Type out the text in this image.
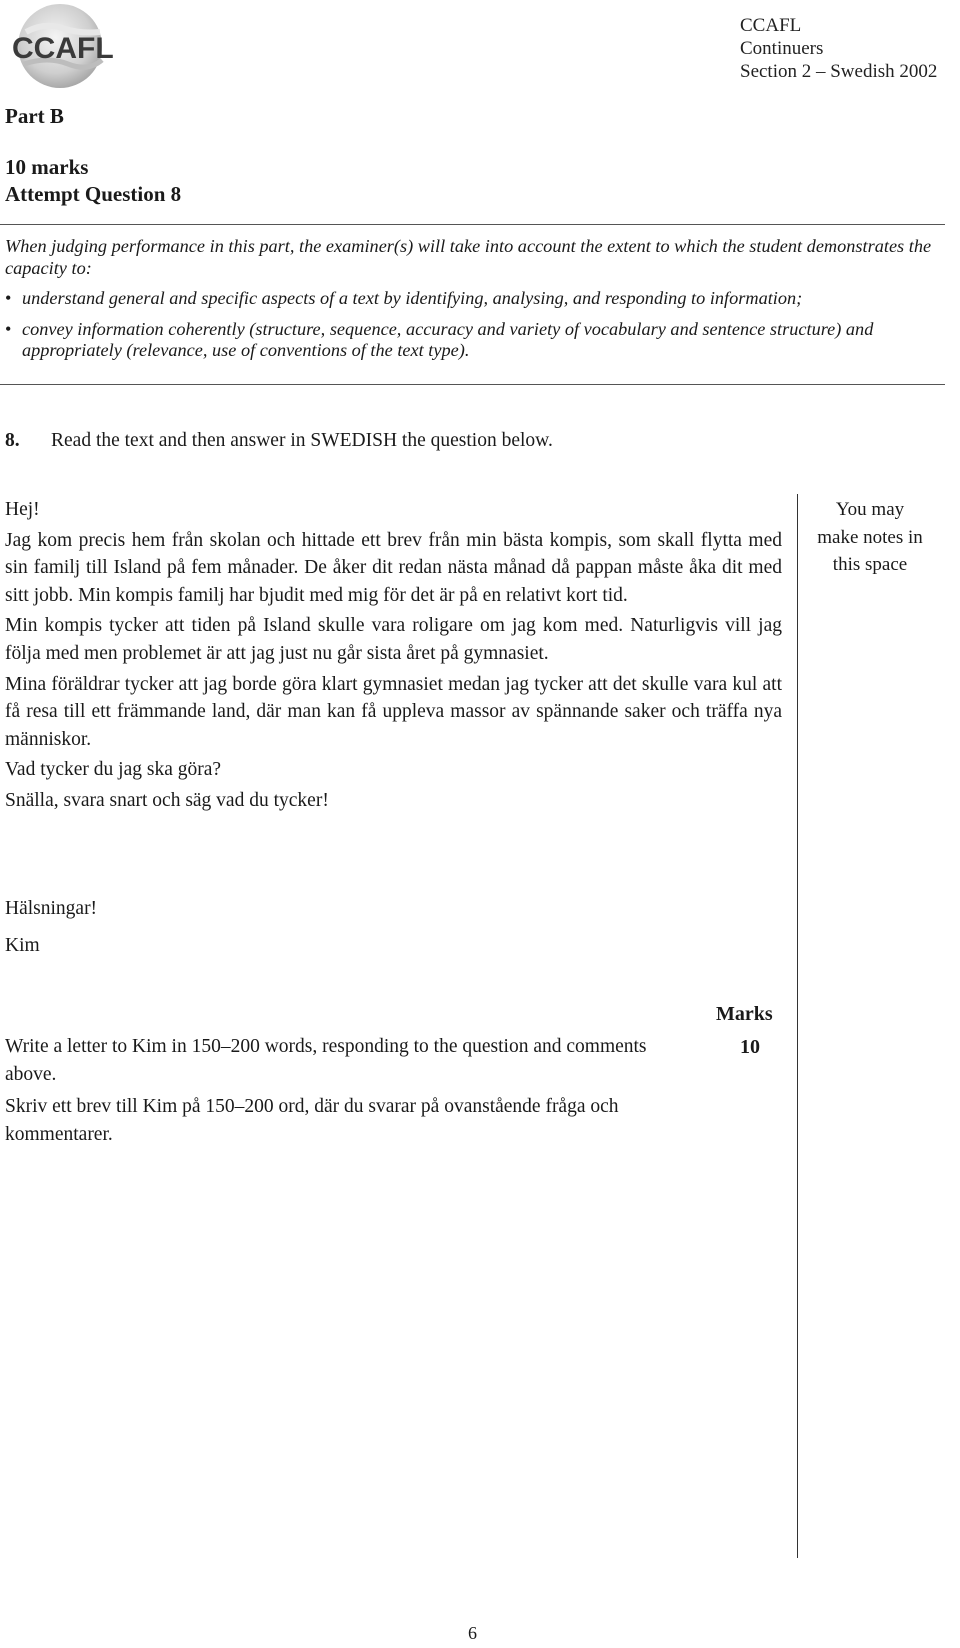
CCAFL
CCAFL
Continuers
Section 2 – Swedish 2002
Part B
10 marks
Attempt Question 8

When judging performance in this part, the examiner(s) will take into account the extent to which the student demonstrates the capacity to:

• understand general and specific aspects of a text by identifying, analysing, and responding to information;

• convey information coherently (structure, sequence, accuracy and variety of vocabulary and sentence structure) and appropriately (relevance, use of conventions of the text type).

8. Read the text and then answer in SWEDISH the question below.

Hej!

Jag kom precis hem från skolan och hittade ett brev från min bästa kompis, som skall flytta med sin familj till Island på fem månader. De åker dit redan nästa månad då pappan måste åka dit med sitt jobb. Min kompis familj har bjudit med mig för det är på en relativt kort tid.

Min kompis tycker att tiden på Island skulle vara roligare om jag kom med. Naturligvis vill jag följa med men problemet är att jag just nu går sista året på gymnasiet.

Mina föräldrar tycker att jag borde göra klart gymnasiet medan jag tycker att det skulle vara kul att få resa till ett främmande land, där man kan få uppleva massor av spännande saker och träffa nya människor.

Vad tycker du jag ska göra?

Snälla, svara snart och säg vad du tycker!

Hälsningar!
Kim
You may
make notes in
this space
Marks
10

Write a letter to Kim in 150–200 words, responding to the question and comments above.

Skriv ett brev till Kim på 150–200 ord, där du svarar på ovanstående fråga och kommentarer.

6
